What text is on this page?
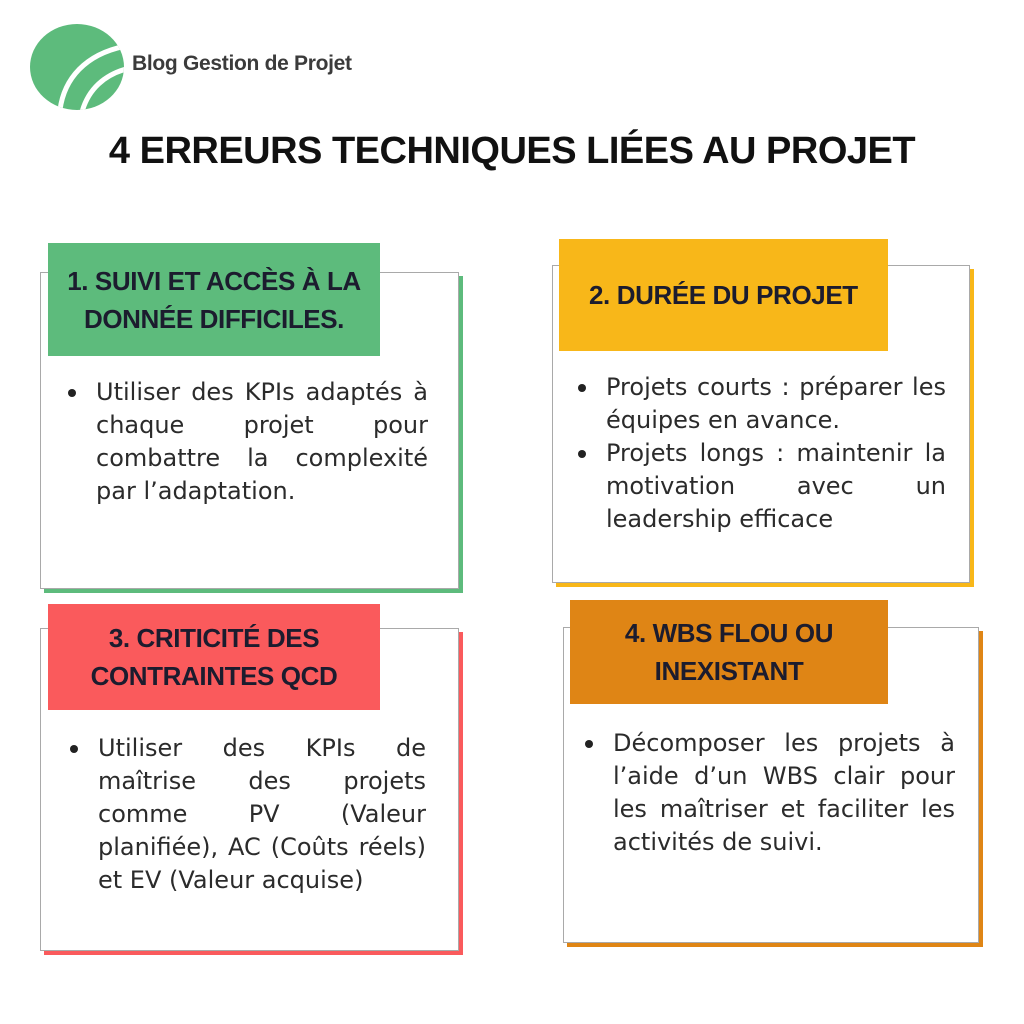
Blog Gestion de Projet
4 ERREURS TECHNIQUES LIÉES AU PROJET
1. SUIVI ET ACCÈS À LA DONNÉE DIFFICILES.
Utiliser des KPIs adaptés à chaque projet pour combattre la complexité par l’adaptation.
2. DURÉE DU PROJET
Projets courts : préparer les équipes en avance.
Projets longs : maintenir la motivation avec un leadership efficace
3. CRITICITÉ DES CONTRAINTES QCD
Utiliser des KPIs de maîtrise des projets comme PV (Valeur planifiée), AC (Coûts réels) et EV (Valeur acquise)
4. WBS FLOU OU INEXISTANT
Décomposer les projets à l’aide d’un WBS clair pour les maîtriser et faciliter les activités de suivi.
